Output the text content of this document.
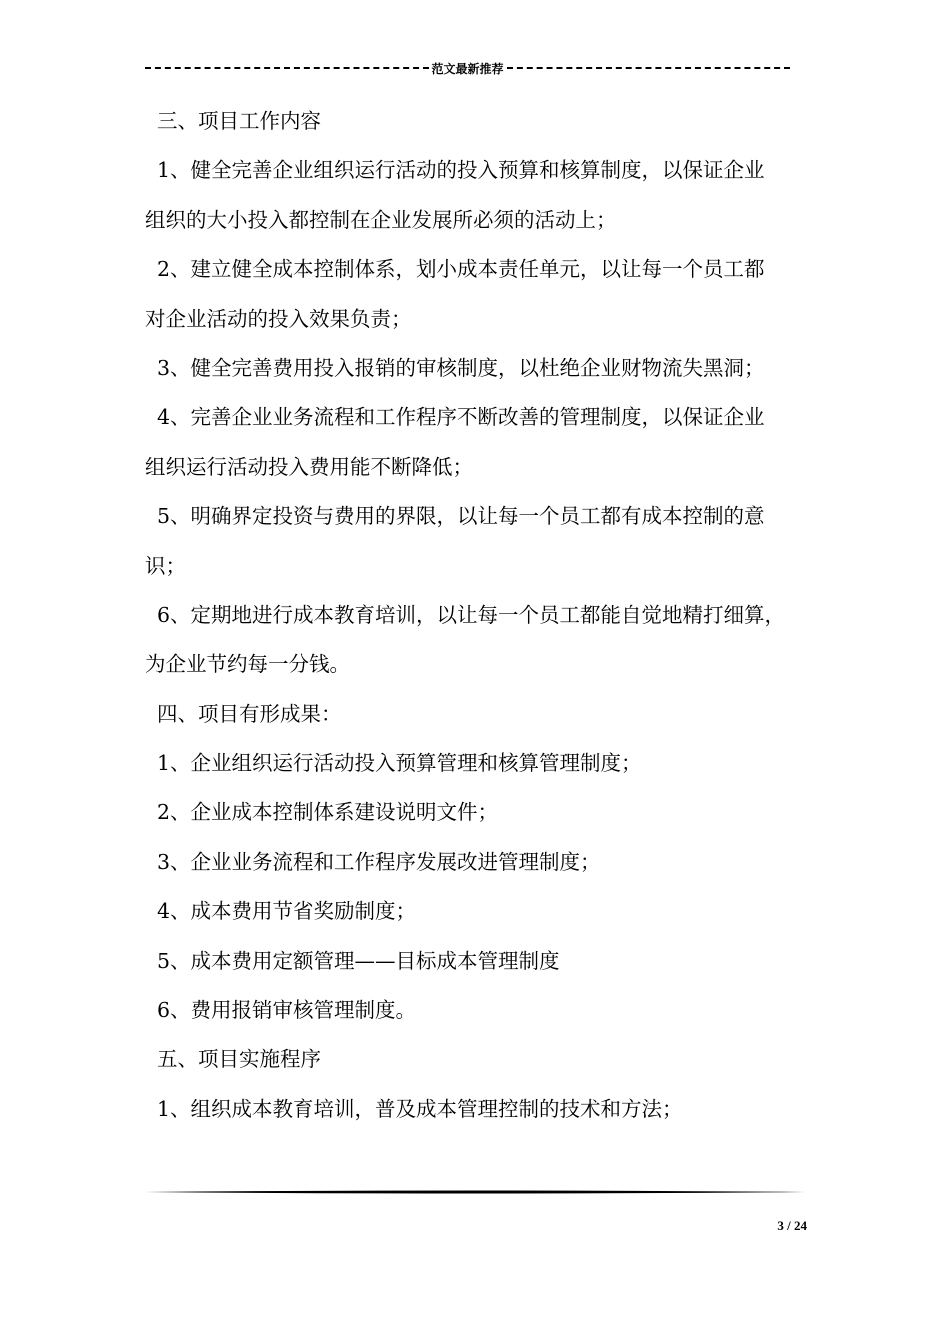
范文最新推荐
三、项目工作内容
1、健全完善企业组织运行活动的投入预算和核算制度，以保证企业
组织的大小投入都控制在企业发展所必须的活动上；
2、建立健全成本控制体系，划小成本责任单元，以让每一个员工都
对企业活动的投入效果负责；
3、健全完善费用投入报销的审核制度，以杜绝企业财物流失黑洞；
4、完善企业业务流程和工作程序不断改善的管理制度，以保证企业
组织运行活动投入费用能不断降低；
5、明确界定投资与费用的界限，以让每一个员工都有成本控制的意
识；
6、定期地进行成本教育培训，以让每一个员工都能自觉地精打细算，
为企业节约每一分钱。
四、项目有形成果：
1、企业组织运行活动投入预算管理和核算管理制度；
2、企业成本控制体系建设说明文件；
3、企业业务流程和工作程序发展改进管理制度；
4、成本费用节省奖励制度；
5、成本费用定额管理——目标成本管理制度
6、费用报销审核管理制度。
五、项目实施程序
1、组织成本教育培训，普及成本管理控制的技术和方法；
3 / 24
